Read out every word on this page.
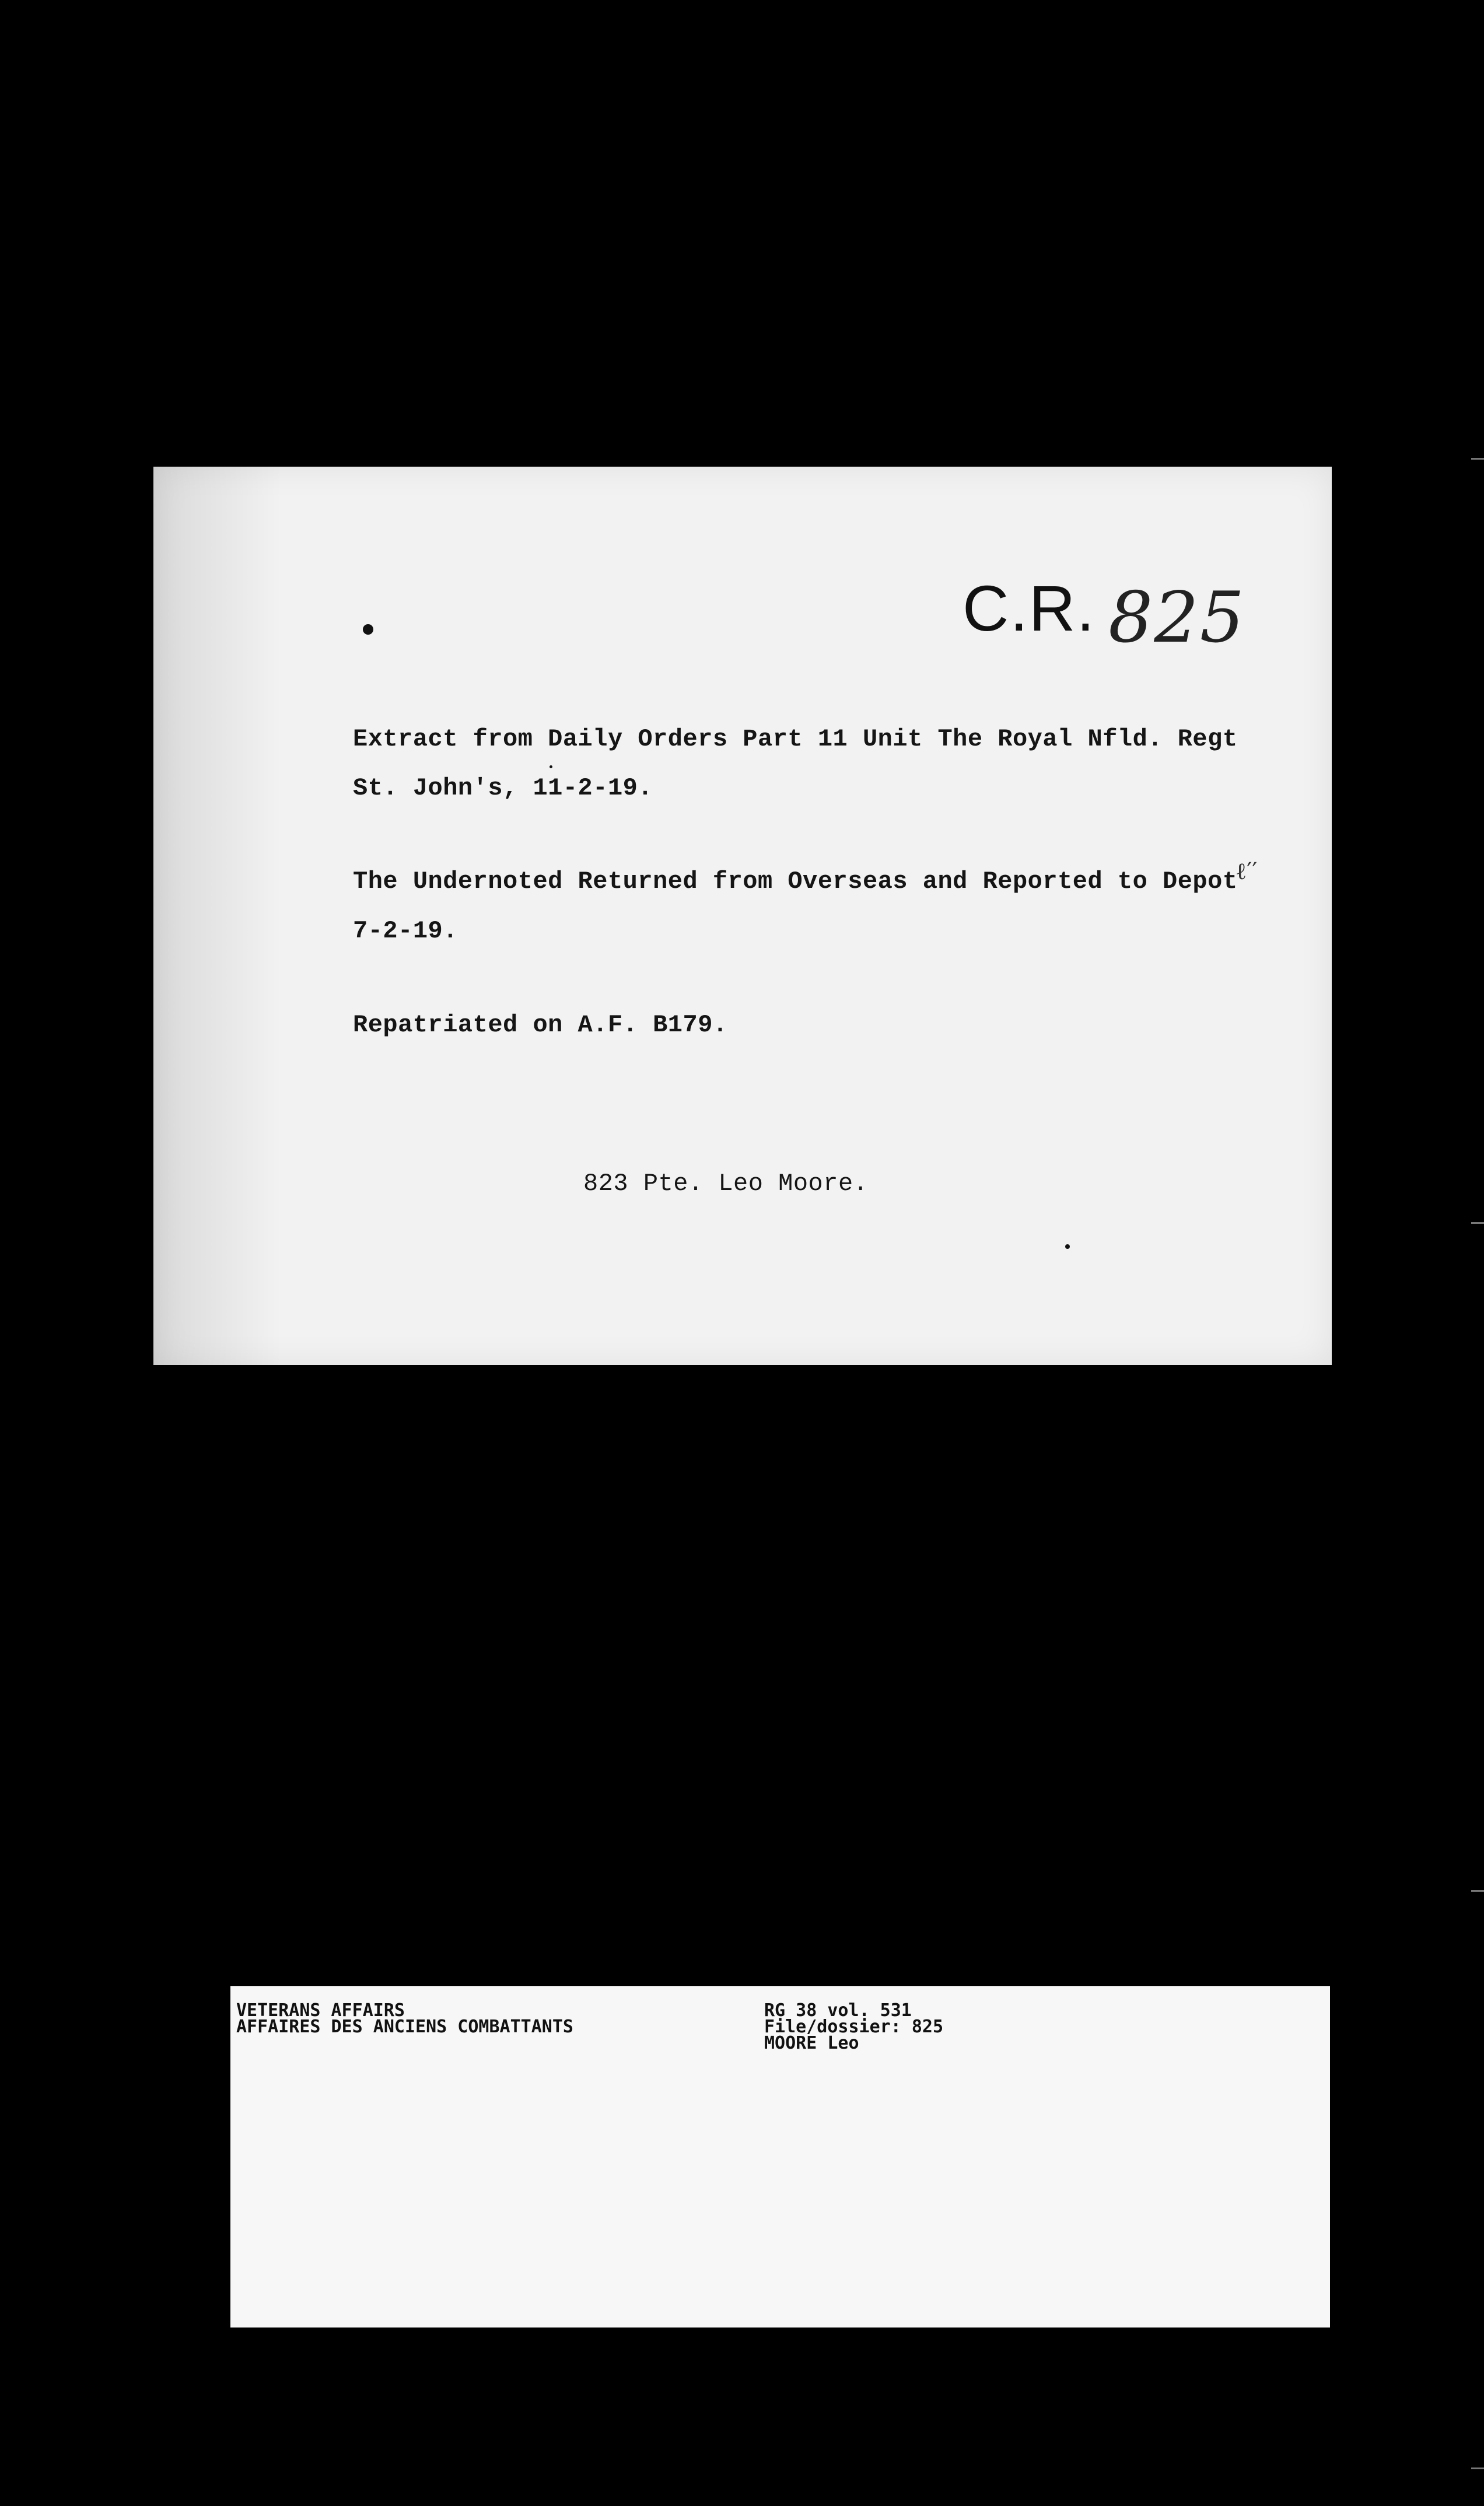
C.R. 825
Extract from Daily Orders Part 11 Unit The Royal Nfld. Regt
St. John's, 11-2-19.
The Undernoted Returned from Overseas and Reported to Depot
7-2-19.
Repatriated on A.F. B179.
823 Pte. Leo Moore.
ℓ′′
VETERANS AFFAIRS
AFFAIRES DES ANCIENS COMBATTANTS
RG 38 vol. 531
File/dossier: 825
MOORE Leo
